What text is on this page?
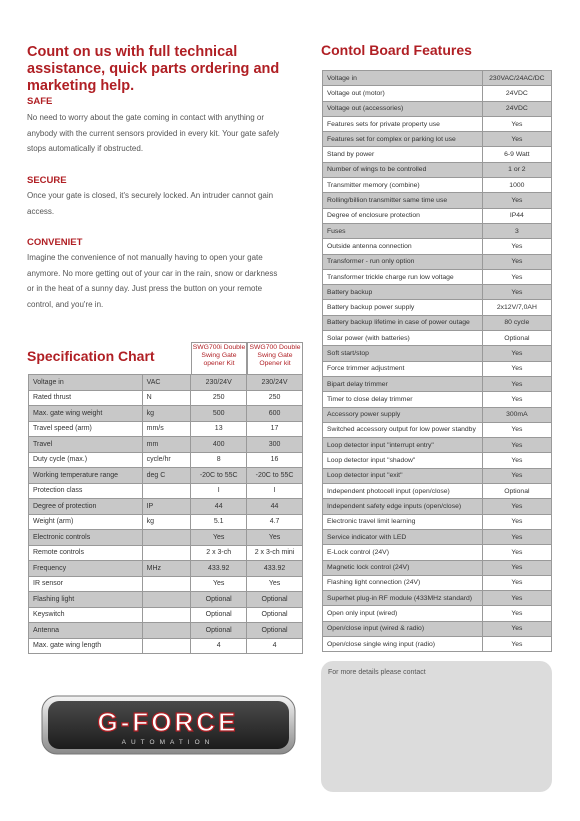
Count on us with full technical assistance, quick parts ordering and marketing help.
SAFE
No need to worry about the gate coming in contact with anything or anybody with the current sensors provided in every kit. Your gate safely stops automatically if obstructed.
SECURE
Once your gate is closed, it's securely locked. An intruder cannot gain access.
CONVENIET
Imagine the convenience of not manually having to open your gate anymore. No more getting out of your car in the rain, snow or darkness or in the heat of a sunny day. Just press the button on your remote control, and you're in.
Specification Chart
SWG700i Double Swing Gate opener Kit
SWG700 Double Swing Gate Opener kit
Voltage in	VAC	230/24V	230/24V
Rated thrust	N	250	250
Max. gate wing weight	kg	500	600
Travel speed (arm)	mm/s	13	17
Travel	mm	400	300
Duty cycle (max.)	cycle/hr	8	16
Working temperature range	deg C	-20C to 55C	-20C to 55C
Protection class		I	I
Degree of protection	IP	44	44
Weight (arm)	kg	5.1	4.7
Electronic controls		Yes	Yes
Remote controls		2 x 3-ch	2 x 3-ch mini
Frequency	MHz	433.92	433.92
IR sensor		Yes	Yes
Flashing light		Optional	Optional
Keyswitch		Optional	Optional
Antenna		Optional	Optional
Max. gate wing length		4	4
Contol Board Features
Voltage in	230VAC/24AC/DC
Voltage out (motor)	24VDC
Voltage out (accessories)	24VDC
Features sets for private property use	Yes
Features set for complex or parking lot use	Yes
Stand by power	6-9 Watt
Number of wings to be controlled	1 or 2
Transmitter memory (combine)	1000
Rolling/billion transmitter same time use	Yes
Degree of enclosure protection	IP44
Fuses	3
Outside antenna connection	Yes
Transformer - run only option	Yes
Transformer trickle charge run low voltage	Yes
Battery backup	Yes
Battery backup power supply	2x12V/7,0AH
Battery backup lifetime in case of power outage	80 cycle
Solar power (with batteries)	Optional
Soft start/stop	Yes
Force trimmer adjustment	Yes
Bipart delay trimmer	Yes
Timer to close delay trimmer	Yes
Accessory power supply	300mA
Switched accessory output for low power standby	Yes
Loop detector input "interrupt entry"	Yes
Loop detector input "shadow"	Yes
Loop detector input "exit"	Yes
Independent photocell input (open/close)	Optional
Independent safety edge inputs (open/close)	Yes
Electronic travel limit learning	Yes
Service indicator with LED	Yes
E-Lock control (24V)	Yes
Magnetic lock control (24V)	Yes
Flashing light connection (24V)	Yes
Superhet plug-in RF module (433MHz standard)	Yes
Open only input (wired)	Yes
Open/close input (wired & radio)	Yes
Open/close single wing input (radio)	Yes
For more details please contact
G-FORCE
AUTOMATION
